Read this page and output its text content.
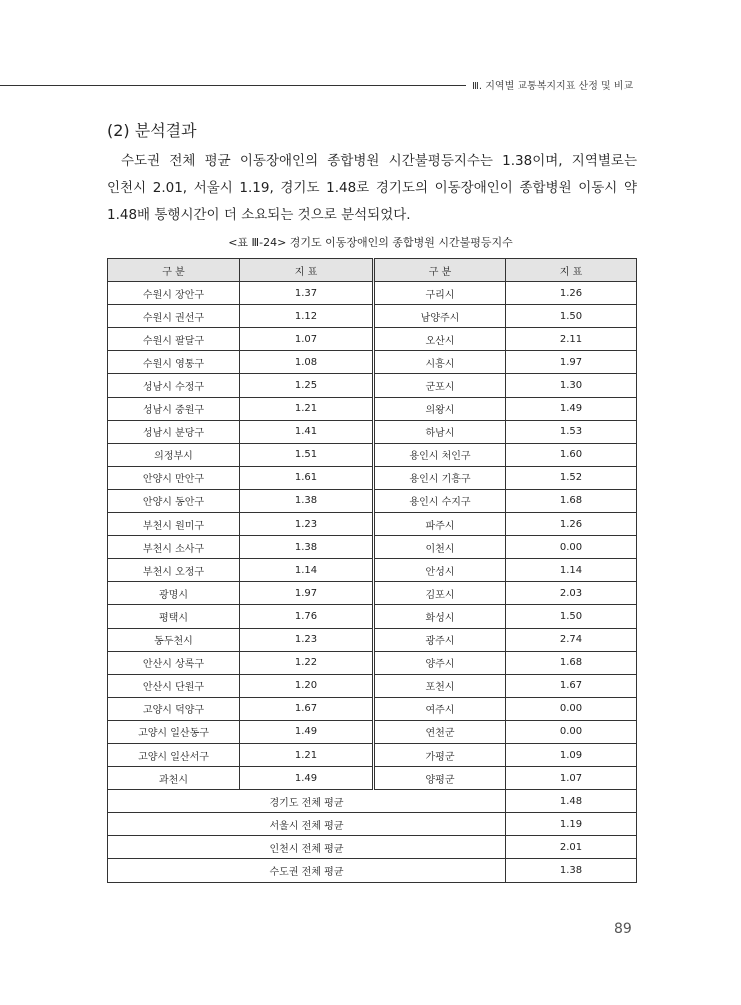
Ⅲ. 지역별 교통복지지표 산정 및 비교
(2) 분석결과

수도권 전체 평균 이동장애인의 종합병원 시간불평등지수는 1.38이며, 지역별로는

인천시 2.01, 서울시 1.19, 경기도 1.48로 경기도의 이동장애인이 종합병원 이동시 약

1.48배 통행시간이 더 소요되는 것으로 분석되었다.

<표 Ⅲ-24> 경기도 이동장애인의 종합병원 시간불평등지수
구 분	지 표	구 분	지 표
수원시 장안구	1.37	구리시	1.26
수원시 권선구	1.12	남양주시	1.50
수원시 팔달구	1.07	오산시	2.11
수원시 영통구	1.08	시흥시	1.97
성남시 수정구	1.25	군포시	1.30
성남시 중원구	1.21	의왕시	1.49
성남시 분당구	1.41	하남시	1.53
의정부시	1.51	용인시 처인구	1.60
안양시 만안구	1.61	용인시 기흥구	1.52
안양시 동안구	1.38	용인시 수지구	1.68
부천시 원미구	1.23	파주시	1.26
부천시 소사구	1.38	이천시	0.00
부천시 오정구	1.14	안성시	1.14
광명시	1.97	김포시	2.03
평택시	1.76	화성시	1.50
동두천시	1.23	광주시	2.74
안산시 상록구	1.22	양주시	1.68
안산시 단원구	1.20	포천시	1.67
고양시 덕양구	1.67	여주시	0.00
고양시 일산동구	1.49	연천군	0.00
고양시 일산서구	1.21	가평군	1.09
과천시	1.49	양평군	1.07
경기도 전체 평균			1.48
서울시 전체 평균			1.19
인천시 전체 평균			2.01
수도권 전체 평균			1.38
89
